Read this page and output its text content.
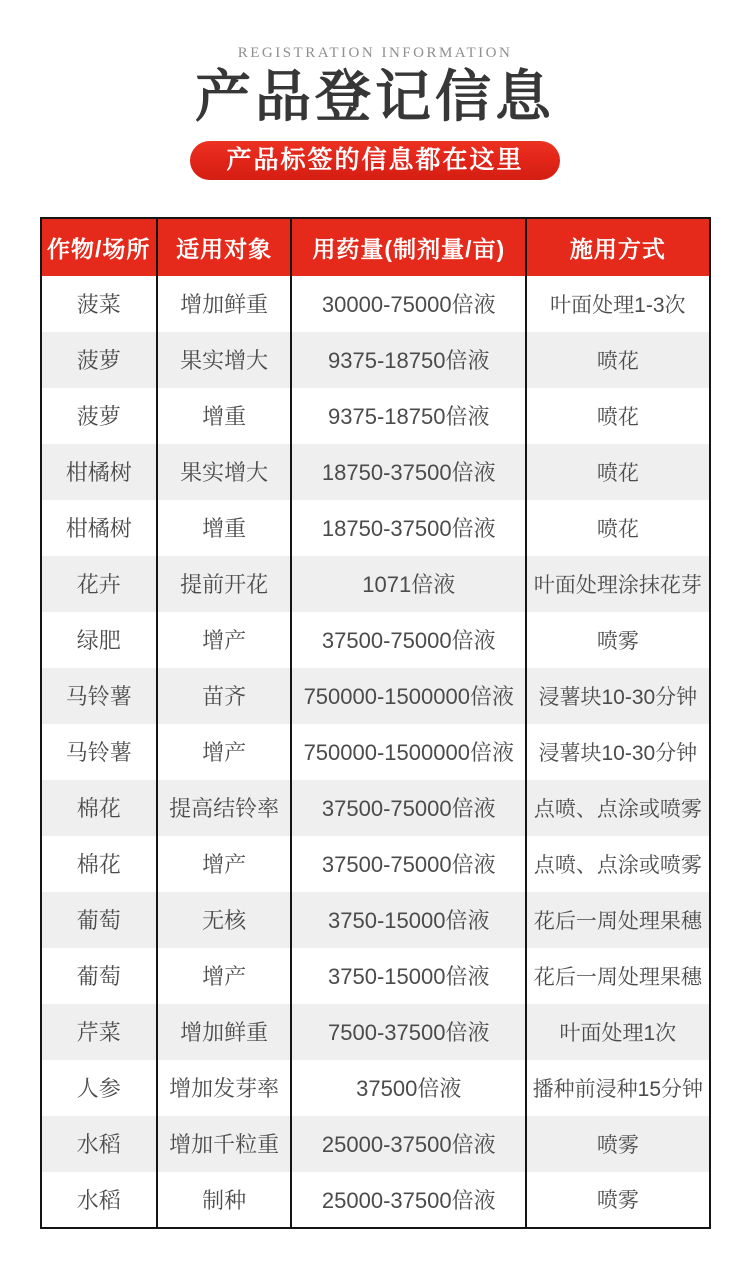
REGISTRATION INFORMATION
产品登记信息
产品标签的信息都在这里
作物/场所	适用对象	用药量(制剂量/亩)	施用方式
菠菜	增加鲜重	30000-75000倍液	叶面处理1-3次
菠萝	果实增大	9375-18750倍液	喷花
菠萝	增重	9375-18750倍液	喷花
柑橘树	果实增大	18750-37500倍液	喷花
柑橘树	增重	18750-37500倍液	喷花
花卉	提前开花	1071倍液	叶面处理涂抹花芽
绿肥	增产	37500-75000倍液	喷雾
马铃薯	苗齐	750000-1500000倍液	浸薯块10-30分钟
马铃薯	增产	750000-1500000倍液	浸薯块10-30分钟
棉花	提高结铃率	37500-75000倍液	点喷、点涂或喷雾
棉花	增产	37500-75000倍液	点喷、点涂或喷雾
葡萄	无核	3750-15000倍液	花后一周处理果穗
葡萄	增产	3750-15000倍液	花后一周处理果穗
芹菜	增加鲜重	7500-37500倍液	叶面处理1次
人参	增加发芽率	37500倍液	播种前浸种15分钟
水稻	增加千粒重	25000-37500倍液	喷雾
水稻	制种	25000-37500倍液	喷雾
